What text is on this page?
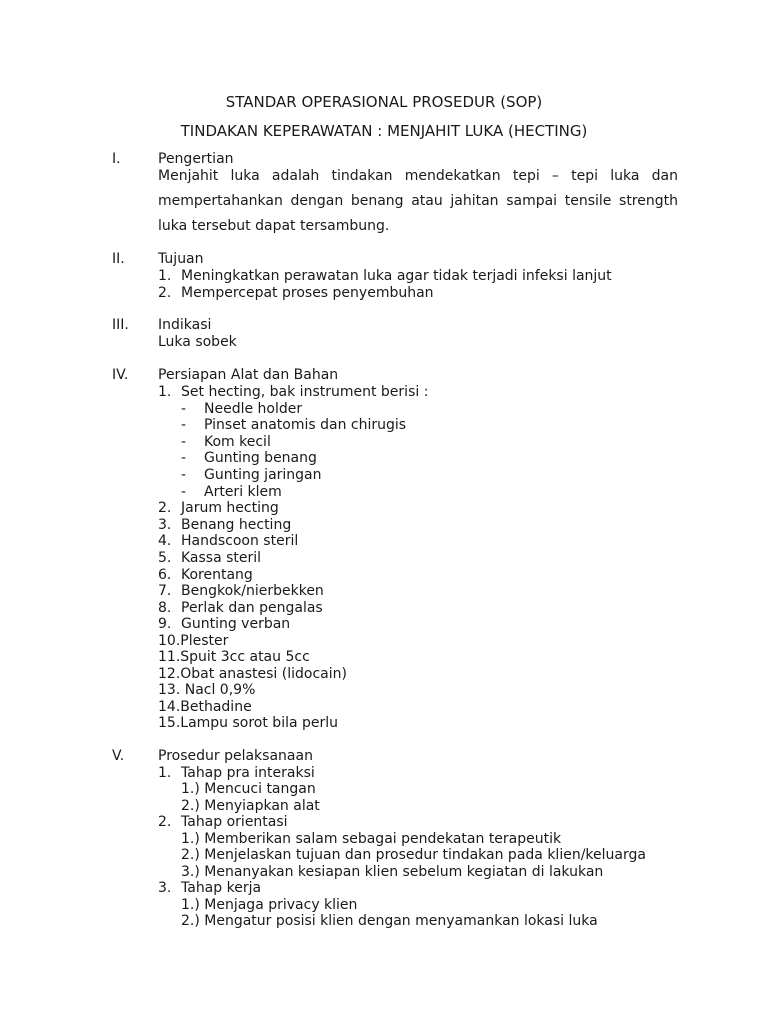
STANDAR OPERASIONAL PROSEDUR (SOP)
TINDAKAN KEPERAWATAN : MENJAHIT LUKA (HECTING)
I.	Pengertian
Menjahit luka adalah tindakan mendekatkan tepi – tepi luka dan mempertahankan dengan benang atau jahitan sampai tensile strength luka tersebut dapat tersambung.
II. Tujuan
1. Meningkatkan perawatan luka agar tidak terjadi infeksi lanjut
2. Mempercepat proses penyembuhan
III. Indikasi
Luka sobek
IV. Persiapan Alat dan Bahan
1. Set hecting, bak instrument berisi :
- Needle holder
- Pinset anatomis dan chirugis
- Kom kecil
- Gunting benang
- Gunting jaringan
- Arteri klem
2. Jarum hecting
3. Benang hecting
4. Handscoon steril
5. Kassa steril
6. Korentang
7. Bengkok/nierbekken
8. Perlak dan pengalas
9. Gunting verban
10.Plester
11.Spuit 3cc atau 5cc
12.Obat anastesi (lidocain)
13. Nacl 0,9%
14.Bethadine
15.Lampu sorot bila perlu
V. Prosedur pelaksanaan
1. Tahap pra interaksi
1.) Mencuci tangan
2.) Menyiapkan alat
2. Tahap orientasi
1.) Memberikan salam sebagai pendekatan terapeutik
2.) Menjelaskan tujuan dan prosedur tindakan pada klien/keluarga
3.) Menanyakan kesiapan klien sebelum kegiatan di lakukan
3. Tahap kerja
1.) Menjaga privacy klien
2.) Mengatur posisi klien dengan menyamankan lokasi luka
